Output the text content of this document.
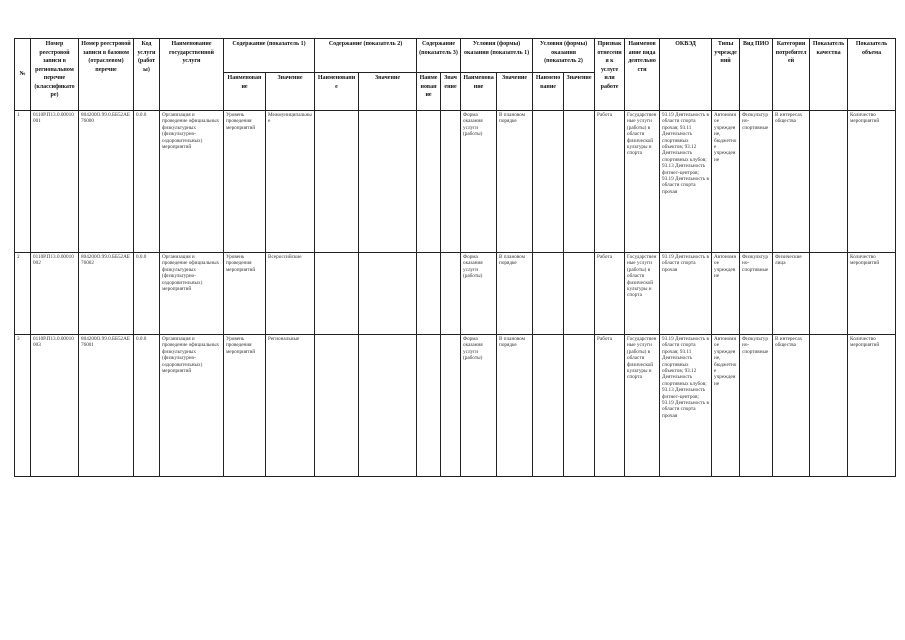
№	Номер реестровой записи в региональном перечне (классификаторе)	Номер реестровой записи в базовом (отраслевом) перечне	Код услуги (работы)	Наименование государственной услуги	Содержание (показатель 1)		Содержание (показатель 2)		Содержание (показатель 3)		Условия (формы) оказания (показатель 1)		Условия (формы) оказания (показатель 2)		Признак отнесения к услуге или работе	Наименование вида деятельности	ОКВЭД	Типы учреждений	Вид ПИО	Категории потребителей	Показатель качества	Показатель объема
					Наименование	Значение	Наименование	Значение	Наименование	Значение	Наименование	Значение	Наименование	Значение								
1	0110Р.П13.0.00010001	804200О.99.0.ББ52АЕ76000	0.0.0	Организация и проведение официальных физкультурных (физкультурно-оздоровительных) мероприятий	Уровень проведения мероприятий	Межмуниципальные					Форма оказания услуги (работы)	В плановом порядке			Работа	Государственные услуги (работы) в области физической культуры и спорта	93.19 Деятельность в области спорта прочая; 93.11 Деятельность спортивных объектов; 93.12 Деятельность спортивных клубов; 93.13 Деятельность фитнес-центров; 93.19 Деятельность в области спорта прочая	Автономное учреждение, бюджетное учреждение	Физкультурно-спортивные	В интересах общества		Количество мероприятий
2	0110Р.П13.0.00010002	804200О.99.0.ББ52АЕ76002	0.0.0	Организация и проведение официальных физкультурных (физкультурно-оздоровительных) мероприятий	Уровень проведения мероприятий	Всероссийские					Форма оказания услуги (работы)	В плановом порядке			Работа	Государственные услуги (работы) в области физической культуры и спорта	93.19 Деятельность в области спорта прочая	Автономное учреждение	Физкультурно-спортивные	Физические лица		Количество мероприятий
3	0110Р.П13.0.00010003	804200О.99.0.ББ52АЕ76001	0.0.0	Организация и проведение официальных физкультурных (физкультурно-оздоровительных) мероприятий	Уровень проведения мероприятий	Региональные					Форма оказания услуги (работы)	В плановом порядке			Работа	Государственные услуги (работы) в области физической культуры и спорта	93.19 Деятельность в области спорта прочая; 93.11 Деятельность спортивных объектов; 93.12 Деятельность спортивных клубов; 93.13 Деятельность фитнес-центров; 93.19 Деятельность в области спорта прочая	Автономное учреждение, бюджетное учреждение	Физкультурно-спортивные	В интересах общества		Количество мероприятий
